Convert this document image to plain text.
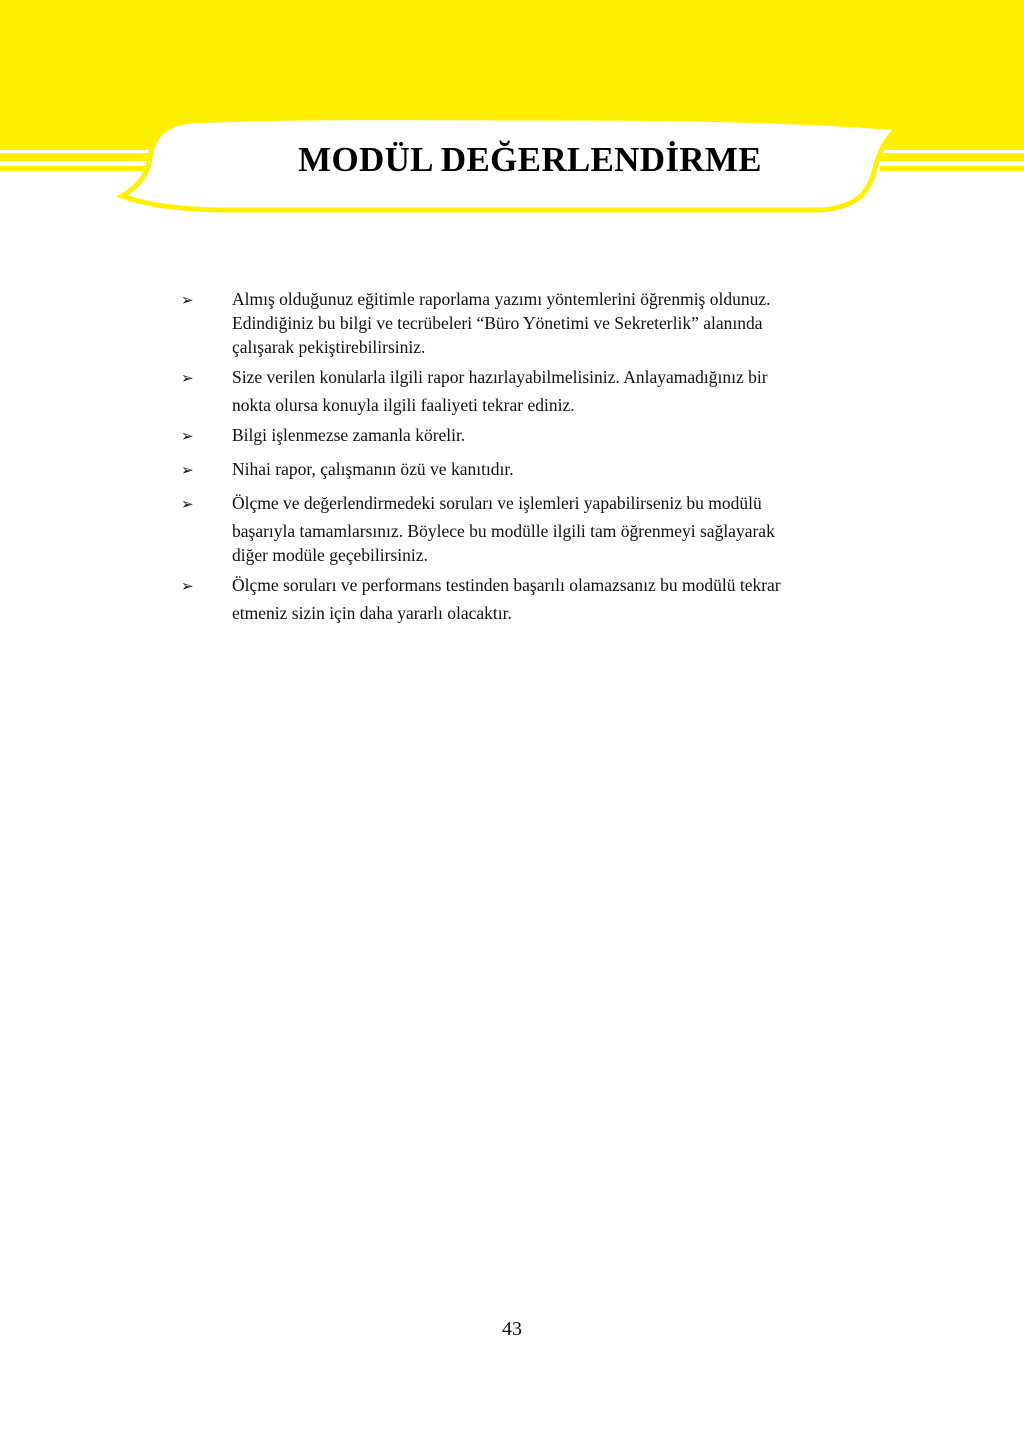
MODÜL DEĞERLENDİRME
➢ Almış olduğunuz eğitimle raporlama yazımı yöntemlerini öğrenmiş oldunuz.

Edindiğiniz bu bilgi ve tecrübeleri “Büro Yönetimi ve Sekreterlik” alanında

çalışarak pekiştirebilirsiniz.

➢ Size verilen konularla ilgili rapor hazırlayabilmelisiniz. Anlayamadığınız bir

nokta olursa konuyla ilgili faaliyeti tekrar ediniz.

➢ Bilgi işlenmezse zamanla körelir.

➢ Nihai rapor, çalışmanın özü ve kanıtıdır.

➢ Ölçme ve değerlendirmedeki soruları ve işlemleri yapabilirseniz bu modülü

başarıyla tamamlarsınız. Böylece bu modülle ilgili tam öğrenmeyi sağlayarak

diğer modüle geçebilirsiniz.

➢ Ölçme soruları ve performans testinden başarılı olamazsanız bu modülü tekrar

etmeniz sizin için daha yararlı olacaktır.

43
